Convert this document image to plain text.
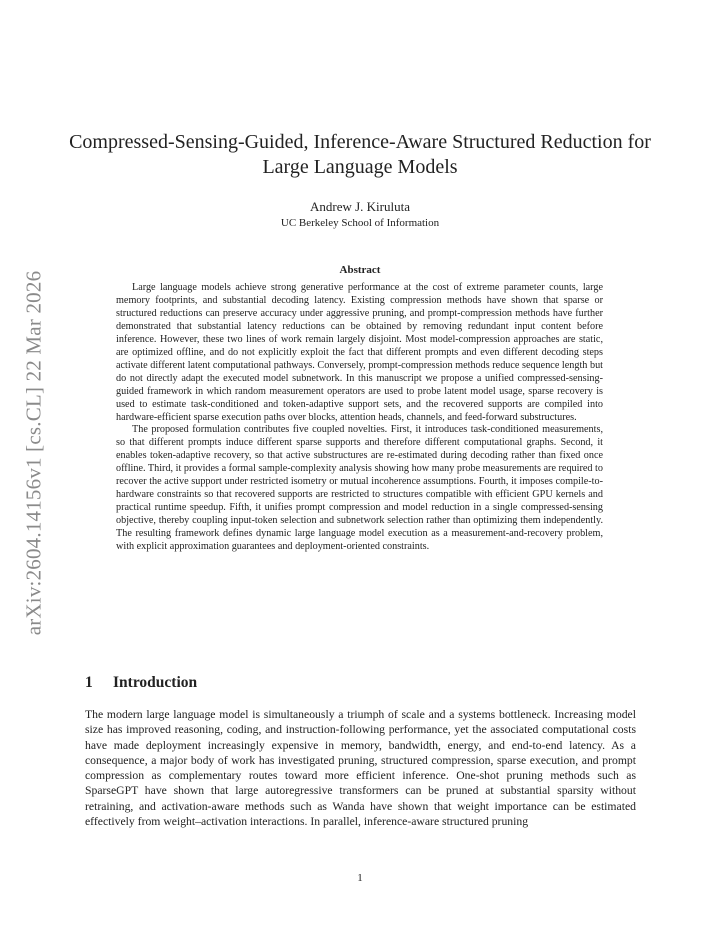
arXiv:2604.14156v1 [cs.CL] 22 Mar 2026
Compressed-Sensing-Guided, Inference-Aware Structured Reduction for Large Language Models
Andrew J. Kiruluta
UC Berkeley School of Information
Abstract

Large language models achieve strong generative performance at the cost of extreme parameter counts, large memory footprints, and substantial decoding latency. Existing compression methods have shown that sparse or structured reductions can preserve accuracy under aggressive pruning, and prompt-compression methods have further demonstrated that substantial latency reductions can be obtained by removing redundant input content before inference. However, these two lines of work remain largely disjoint. Most model-compression approaches are static, are optimized offline, and do not explicitly exploit the fact that different prompts and even different decoding steps activate different latent computational pathways. Conversely, prompt-compression methods reduce sequence length but do not directly adapt the executed model subnetwork. In this manuscript we propose a unified compressed-sensing-guided framework in which random measurement operators are used to probe latent model usage, sparse recovery is used to estimate task-conditioned and token-adaptive support sets, and the recovered supports are compiled into hardware-efficient sparse execution paths over blocks, attention heads, channels, and feed-forward substructures.

The proposed formulation contributes five coupled novelties. First, it introduces task-conditioned measurements, so that different prompts induce different sparse supports and therefore different computational graphs. Second, it enables token-adaptive recovery, so that active substructures are re-estimated during decoding rather than fixed once offline. Third, it provides a formal sample-complexity analysis showing how many probe measurements are required to recover the active support under restricted isometry or mutual incoherence assumptions. Fourth, it imposes compile-to-hardware constraints so that recovered supports are restricted to structures compatible with efficient GPU kernels and practical runtime speedup. Fifth, it unifies prompt compression and model reduction in a single compressed-sensing objective, thereby coupling input-token selection and subnetwork selection rather than optimizing them independently. The resulting framework defines dynamic large language model execution as a measurement-and-recovery problem, with explicit approximation guarantees and deployment-oriented constraints.

1 Introduction

The modern large language model is simultaneously a triumph of scale and a systems bottleneck. Increasing model size has improved reasoning, coding, and instruction-following performance, yet the associated computational costs have made deployment increasingly expensive in memory, bandwidth, energy, and end-to-end latency. As a consequence, a major body of work has investigated pruning, structured compression, sparse execution, and prompt compression as complementary routes toward more efficient inference. One-shot pruning methods such as SparseGPT have shown that large autoregressive transformers can be pruned at substantial sparsity without retraining, and activation-aware methods such as Wanda have shown that weight importance can be estimated effectively from weight–activation interactions. In parallel, inference-aware structured pruning

1
